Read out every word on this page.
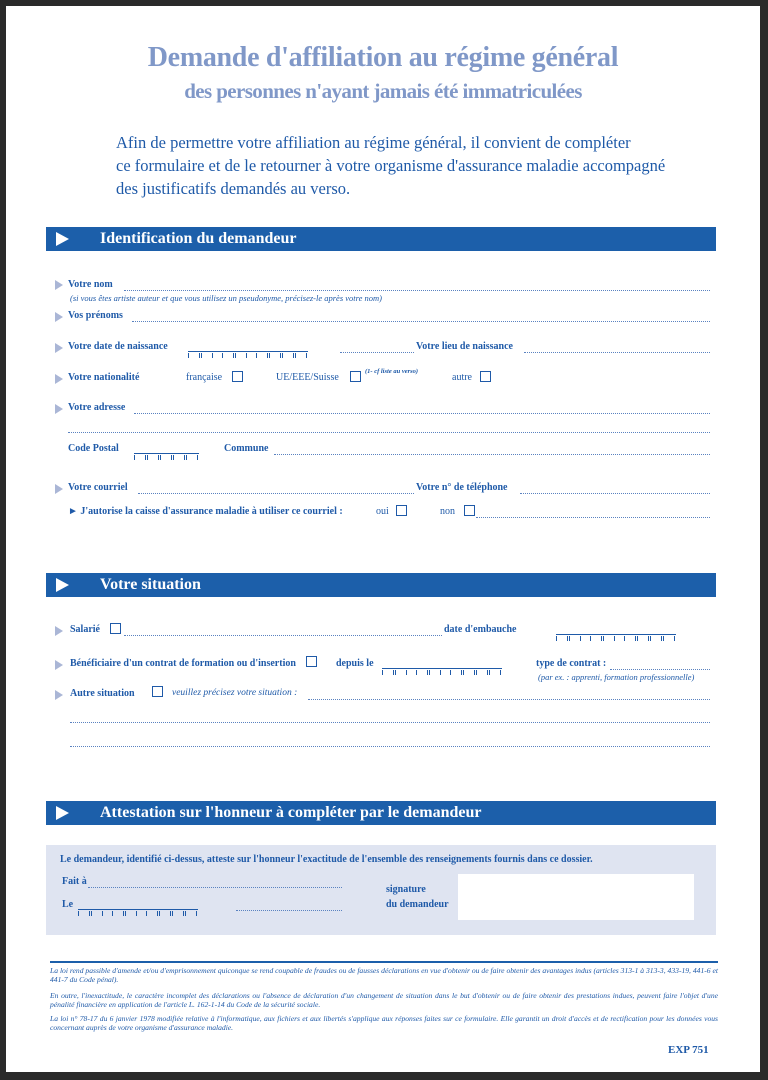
Demande d'affiliation au régime général
des personnes n'ayant jamais été immatriculées
Afin de permettre votre affiliation au régime général, il convient de compléter
ce formulaire et de le retourner à votre organisme d'assurance maladie accompagné
des justificatifs demandés au verso.
Identification du demandeur
Votre nom
(si vous êtes artiste auteur et que vous utilisez un pseudonyme, précisez-le après votre nom)
Vos prénoms
Votre date de naissance
	Votre lieu de naissance
Votre nationalité	française	UE/EEE/Suisse
(1- cf liste au verso)
autre
Votre adresse
Code Postal	Commune
Votre courriel	Votre n° de téléphone
► J'autorise la caisse d'assurance maladie à utiliser ce courriel :	oui	non
Votre situation
Salarié	date d'embauche

Bénéficiaire d'un contrat de formation ou d'insertion	depuis le
	type de contrat :
(par ex. : apprenti, formation professionnelle)
Autre situation	veuillez précisez votre situation :
Attestation sur l'honneur à compléter par le demandeur
Le demandeur, identifié ci-dessus, atteste sur l'honneur l'exactitude de l'ensemble des renseignements fournis dans ce dossier.
Fait à
Le

signature
du demandeur
La loi rend passible d'amende et/ou d'emprisonnement quiconque se rend coupable de fraudes ou de fausses déclarations en vue d'obtenir ou de faire obtenir des avantages indus (articles 313-1 à 313-3, 433-19, 441-6 et 441-7 du Code pénal).
En outre, l'inexactitude, le caractère incomplet des déclarations ou l'absence de déclaration d'un changement de situation dans le but d'obtenir ou de faire obtenir des prestations indues, peuvent faire l'objet d'une pénalité financière en application de l'article L. 162-1-14 du Code de la sécurité sociale.
La loi n° 78-17 du 6 janvier 1978 modifiée relative à l'informatique, aux fichiers et aux libertés s'applique aux réponses faites sur ce formulaire. Elle garantit un droit d'accès et de rectification pour les données vous concernant auprès de votre organisme d'assurance maladie.
EXP 751
